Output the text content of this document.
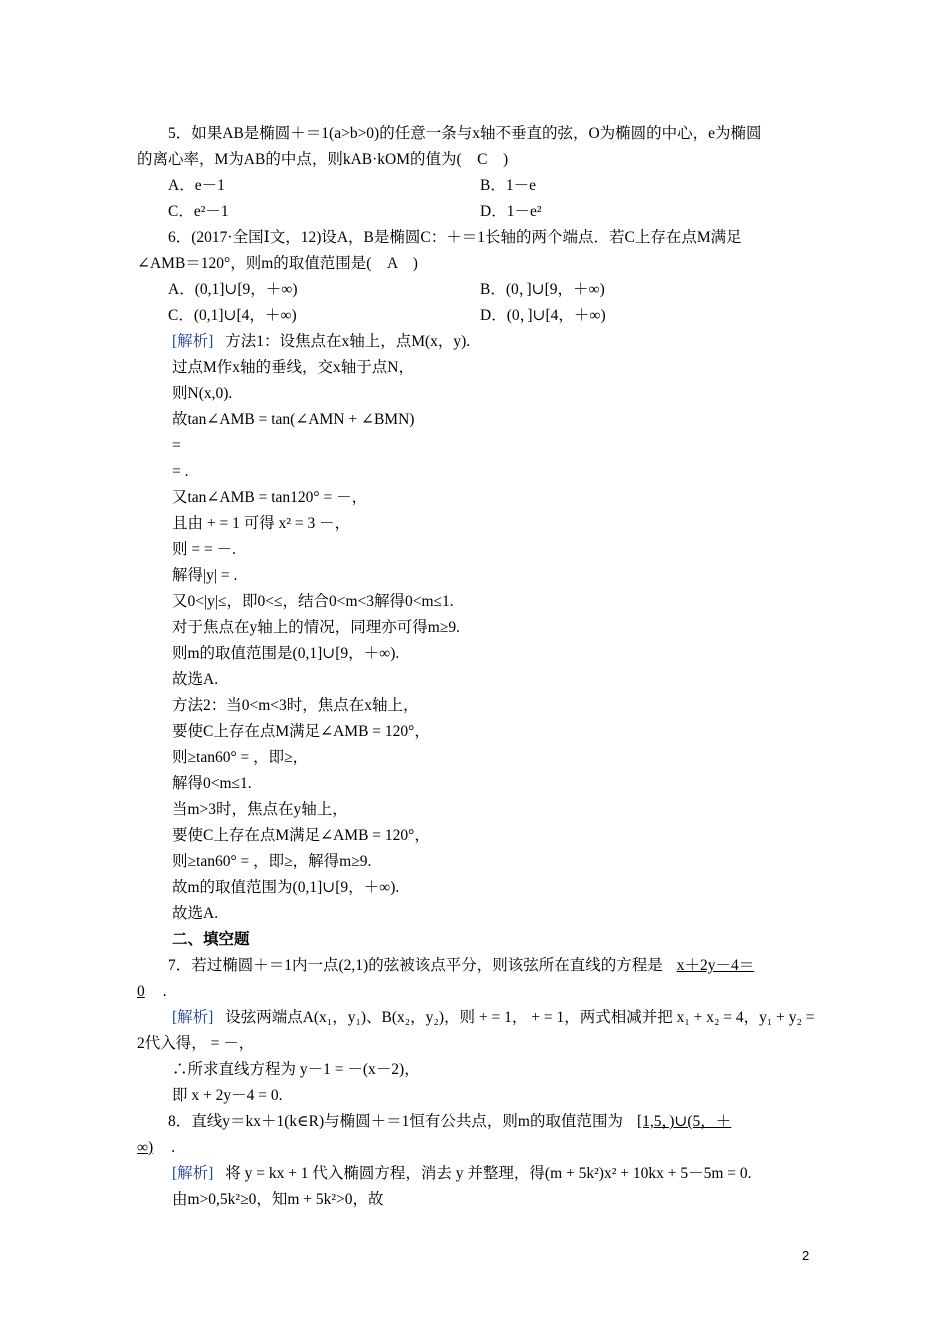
5．如果AB是椭圆＋＝1(a>b>0)的任意一条与x轴不垂直的弦，O为椭圆的中心，e为椭圆
的离心率，M为AB的中点，则kAB·kOM的值为(　C　)
A．e－1	B．1－e
C．e²－1	D．1－e²
6．(2017·全国Ⅰ文，12)设A，B是椭圆C：＋＝1长轴的两个端点．若C上存在点M满足
∠AMB＝120°，则m的取值范围是(　A　)
A．(0,1]∪[9，＋∞)	B．(0，]∪[9，＋∞)
C．(0,1]∪[4，＋∞)	D．(0，]∪[4，＋∞)
[解析] 方法1：设焦点在x轴上，点M(x，y).
过点M作x轴的垂线，交x轴于点N，
则N(x,0).
故tan∠AMB = tan(∠AMN + ∠BMN)
=
= .
又tan∠AMB = tan120° = －，
且由 + = 1 可得 x² = 3 －，
则 = = －.
解得|y| = .
又0<|y|≤，即0<≤，结合0<m<3解得0<m≤1.
对于焦点在y轴上的情况，同理亦可得m≥9.
则m的取值范围是(0,1]∪[9，＋∞).
故选A.
方法2：当0<m<3时，焦点在x轴上，
要使C上存在点M满足∠AMB = 120°，
则≥tan60° = ，即≥，
解得0<m≤1.
当m>3时，焦点在y轴上，
要使C上存在点M满足∠AMB = 120°，
则≥tan60° = ，即≥，解得m≥9.
故m的取值范围为(0,1]∪[9，＋∞).
故选A.
二、填空题
7．若过椭圆＋＝1内一点(2,1)的弦被该点平分，则该弦所在直线的方程是 x＋2y－4＝
0 .
[解析] 设弦两端点A(x₁，y₁)、B(x₂，y₂)，则 + = 1， + = 1，两式相减并把 x₁ + x₂ = 4，y₁ + y₂ =
2代入得， = －，
∴所求直线方程为 y－1 = －(x－2)，
即 x + 2y－4 = 0.
8．直线y＝kx＋1(k∈R)与椭圆＋＝1恒有公共点，则m的取值范围为 [1,5，)∪(5，＋
∞) .
[解析] 将 y = kx + 1 代入椭圆方程，消去 y 并整理，得(m + 5k²)x² + 10kx + 5－5m = 0.
由m>0,5k²≥0，知m + 5k²>0，故
2
